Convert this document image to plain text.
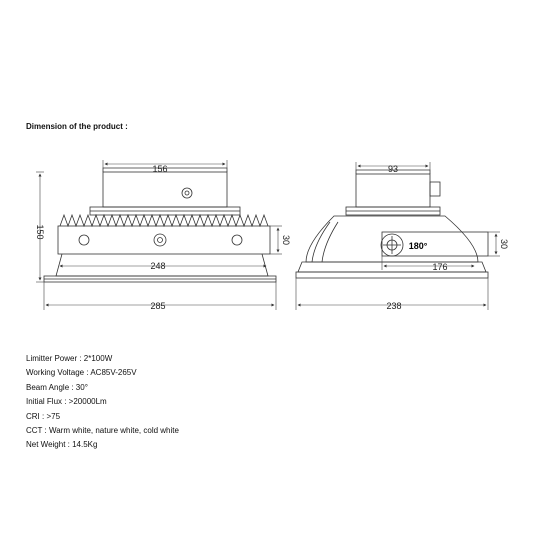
Dimension of the product :
156
150
30
248
285
93
180°	30
176
238
Limitter Power : 2*100W
Working Voltage : AC85V-265V
Beam Angle : 30°
Initial Flux : >20000Lm
CRI : >75
CCT : Warm white, nature white, cold white
Net Weight : 14.5Kg
